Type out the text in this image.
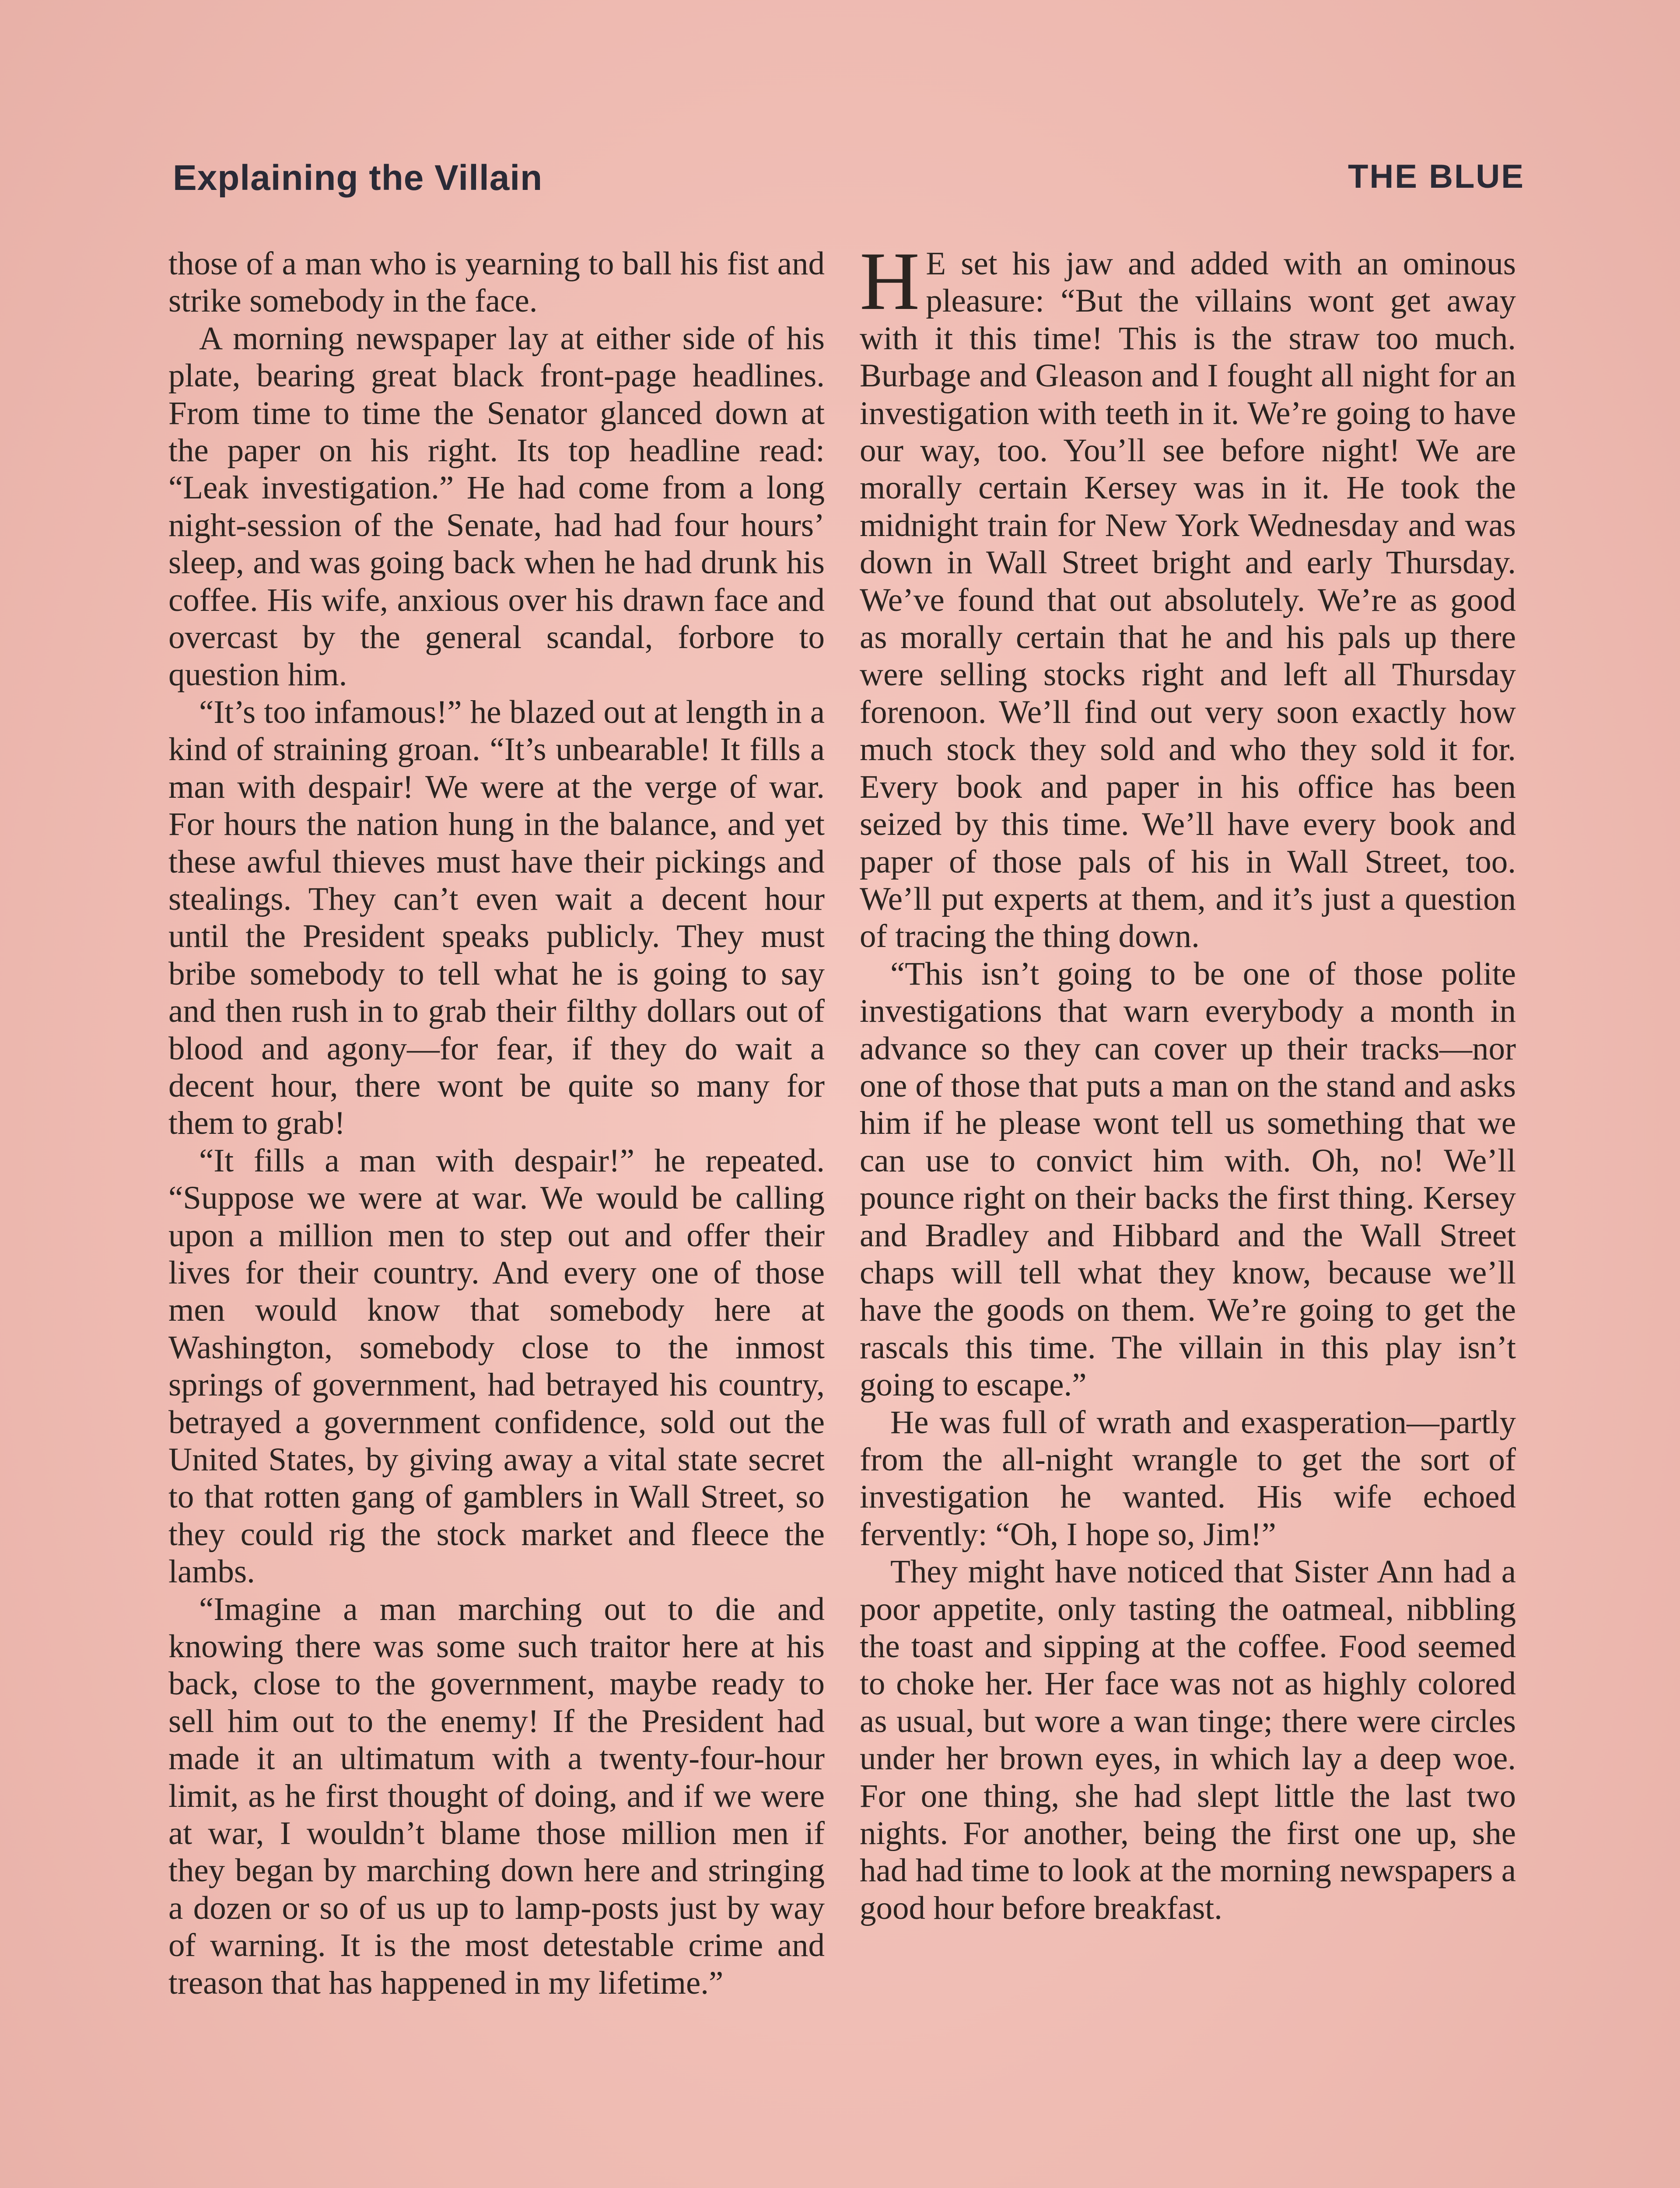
Explaining the Villain	THE BLUE

those of a man who is yearning to ball his fist and strike somebody in the face.

A morning newspaper lay at either side of his plate, bearing great black front-page headlines. From time to time the Senator glanced down at the paper on his right. Its top headline read: “Leak investigation.” He had come from a long night-session of the Senate, had had four hours’ sleep, and was going back when he had drunk his coffee. His wife, anxious over his drawn face and overcast by the general scandal, forbore to question him.

“It’s too infamous!” he blazed out at length in a kind of straining groan. “It’s unbearable! It fills a man with despair! We were at the verge of war. For hours the nation hung in the balance, and yet these awful thieves must have their pickings and stealings. They can’t even wait a decent hour until the President speaks publicly. They must bribe somebody to tell what he is going to say and then rush in to grab their filthy dollars out of blood and agony—for fear, if they do wait a decent hour, there wont be quite so many for them to grab!

“It fills a man with despair!” he repeated. “Suppose we were at war. We would be calling upon a million men to step out and offer their lives for their country. And every one of those men would know that somebody here at Washington, somebody close to the inmost springs of government, had betrayed his country, betrayed a government confidence, sold out the United States, by giving away a vital state secret to that rotten gang of gamblers in Wall Street, so they could rig the stock market and fleece the lambs.

“Imagine a man marching out to die and knowing there was some such traitor here at his back, close to the government, maybe ready to sell him out to the enemy! If the President had made it an ultimatum with a twenty-four-hour limit, as he first thought of doing, and if we were at war, I wouldn’t blame those million men if they began by marching down here and stringing a dozen or so of us up to lamp-posts just by way of warning. It is the most detestable crime and treason that has happened in my lifetime.”

H E set his jaw and added with an ominous pleasure: “But the villains wont get away with it this time! This is the straw too much. Burbage and Gleason and I fought all night for an investigation with teeth in it. We’re going to have our way, too. You’ll see before night! We are morally certain Kersey was in it. He took the midnight train for New York Wednesday and was down in Wall Street bright and early Thursday. We’ve found that out absolutely. We’re as good as morally certain that he and his pals up there were selling stocks right and left all Thursday forenoon. We’ll find out very soon exactly how much stock they sold and who they sold it for. Every book and paper in his office has been seized by this time. We’ll have every book and paper of those pals of his in Wall Street, too. We’ll put experts at them, and it’s just a question of tracing the thing down.

“This isn’t going to be one of those polite investigations that warn everybody a month in advance so they can cover up their tracks—nor one of those that puts a man on the stand and asks him if he please wont tell us something that we can use to convict him with. Oh, no! We’ll pounce right on their backs the first thing. Kersey and Bradley and Hibbard and the Wall Street chaps will tell what they know, because we’ll have the goods on them. We’re going to get the rascals this time. The villain in this play isn’t going to escape.”

He was full of wrath and exasperation—partly from the all-night wrangle to get the sort of investigation he wanted. His wife echoed fervently: “Oh, I hope so, Jim!”

They might have noticed that Sister Ann had a poor appetite, only tasting the oatmeal, nibbling the toast and sipping at the coffee. Food seemed to choke her. Her face was not as highly colored as usual, but wore a wan tinge; there were circles under her brown eyes, in which lay a deep woe. For one thing, she had slept little the last two nights. For another, being the first one up, she had had time to look at the morning newspapers a good hour before breakfast.
